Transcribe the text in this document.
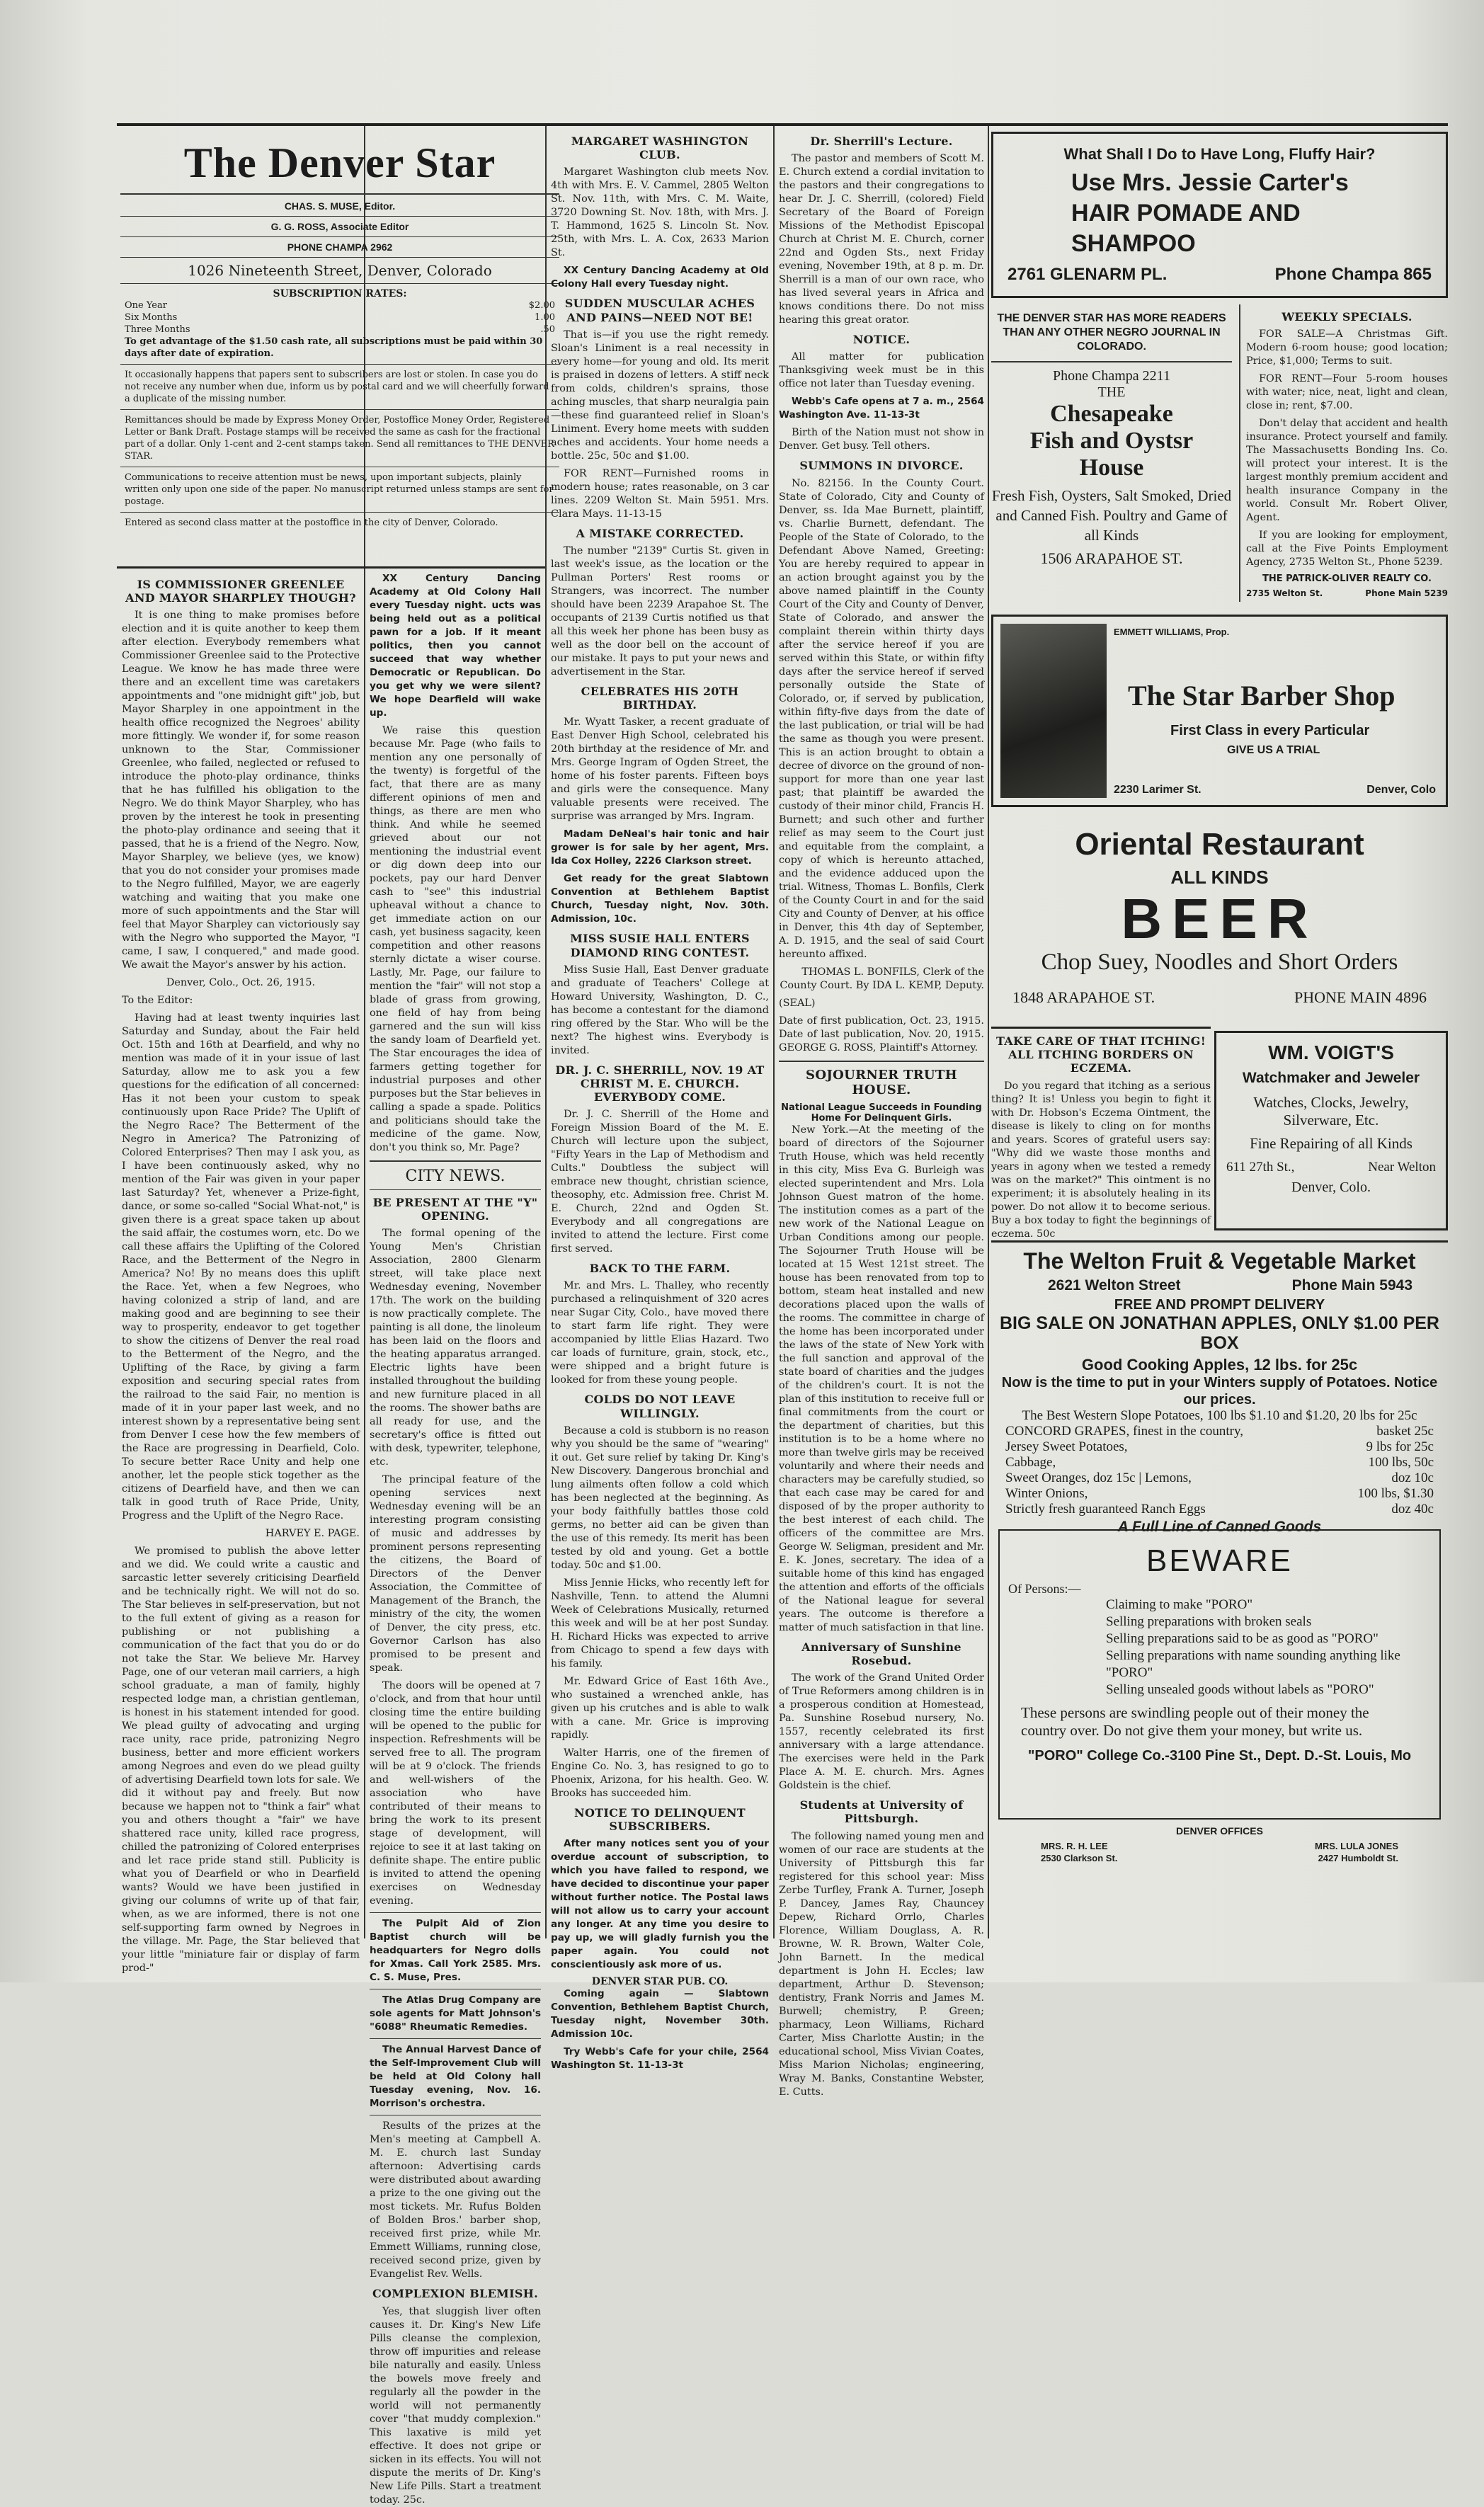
The Denver Star
CHAS. S. MUSE, Editor.
G. G. ROSS, Associate Editor
PHONE CHAMPA 2962
1026 Nineteenth Street, Denver, Colorado
SUBSCRIPTION RATES:
One Year	$2.00
Six Months	1.00
Three Months	.50
To get advantage of the $1.50 cash rate, all subscriptions must be paid within 30 days after date of expiration.
It occasionally happens that papers sent to subscribers are lost or stolen. In case you do not receive any number when due, inform us by postal card and we will cheerfully forward a duplicate of the missing number.
Remittances should be made by Express Money Order, Postoffice Money Order, Registered Letter or Bank Draft. Postage stamps will be received the same as cash for the fractional part of a dollar. Only 1-cent and 2-cent stamps taken. Send all remittances to THE DENVER STAR.
Communications to receive attention must be news, upon important subjects, plainly written only upon one side of the paper. No manuscript returned unless stamps are sent for postage.
Entered as second class matter at the postoffice in the city of Denver, Colorado.
IS COMMISSIONER GREENLEE AND MAYOR SHARPLEY THOUGH?

It is one thing to make promises before election and it is quite another to keep them after election. Everybody remembers what Commissioner Greenlee said to the Protective League. We know he has made three were there and an excellent time was caretakers appointments and "one midnight gift" job, but Mayor Sharpley in one appointment in the health office recognized the Negroes' ability more fittingly. We wonder if, for some reason unknown to the Star, Commissioner Greenlee, who failed, neglected or refused to introduce the photo-play ordinance, thinks that he has fulfilled his obligation to the Negro. We do think Mayor Sharpley, who has proven by the interest he took in presenting the photo-play ordinance and seeing that it passed, that he is a friend of the Negro. Now, Mayor Sharpley, we believe (yes, we know) that you do not consider your promises made to the Negro fulfilled, Mayor, we are eagerly watching and waiting that you make one more of such appointments and the Star will feel that Mayor Sharpley can victoriously say with the Negro who supported the Mayor, "I came, I saw, I conquered," and made good. We await the Mayor's answer by his action.

Denver, Colo., Oct. 26, 1915.

To the Editor:

Having had at least twenty inquiries last Saturday and Sunday, about the Fair held Oct. 15th and 16th at Dearfield, and why no mention was made of it in your issue of last Saturday, allow me to ask you a few questions for the edification of all concerned: Has it not been your custom to speak continuously upon Race Pride? The Uplift of the Negro Race? The Betterment of the Negro in America? The Patronizing of Colored Enterprises? Then may I ask you, as I have been continuously asked, why no mention of the Fair was given in your paper last Saturday? Yet, whenever a Prize-fight, dance, or some so-called "Social What-not," is given there is a great space taken up about the said affair, the costumes worn, etc. Do we call these affairs the Uplifting of the Colored Race, and the Betterment of the Negro in America? No! By no means does this uplift the Race. Yet, when a few Negroes, who having colonized a strip of land, and are making good and are beginning to see their way to prosperity, endeavor to get together to show the citizens of Denver the real road to the Betterment of the Negro, and the Uplifting of the Race, by giving a farm exposition and securing special rates from the railroad to the said Fair, no mention is made of it in your paper last week, and no interest shown by a representative being sent from Denver I cese how the few members of the Race are progressing in Dearfield, Colo. To secure better Race Unity and help one another, let the people stick together as the citizens of Dearfield have, and then we can talk in good truth of Race Pride, Unity, Progress and the Uplift of the Negro Race.

HARVEY E. PAGE.

We promised to publish the above letter and we did. We could write a caustic and sarcastic letter severely criticising Dearfield and be technically right. We will not do so. The Star believes in self-preservation, but not to the full extent of giving as a reason for publishing or not publishing a communication of the fact that you do or do not take the Star. We believe Mr. Harvey Page, one of our veteran mail carriers, a high school graduate, a man of family, highly respected lodge man, a christian gentleman, is honest in his statement intended for good. We plead guilty of advocating and urging race unity, race pride, patronizing Negro business, better and more efficient workers among Negroes and even do we plead guilty of advertising Dearfield town lots for sale. We did it without pay and freely. But now because we happen not to "think a fair" what you and others thought a "fair" we have shattered race unity, killed race progress, chilled the patronizing of Colored enterprises and let race pride stand still. Publicity is what you of Dearfield or who in Dearfield wants? Would we have been justified in giving our columns of write up of that fair, when, as we are informed, there is not one self-supporting farm owned by Negroes in the village. Mr. Page, the Star believed that your little "miniature fair or display of farm prod-"

XX Century Dancing Academy at Old Colony Hall every Tuesday night. ucts was being held out as a political pawn for a job. If it meant politics, then you cannot succeed that way whether Democratic or Republican. Do you get why we were silent? We hope Dearfield will wake up.

We raise this question because Mr. Page (who fails to mention any one personally of the twenty) is forgetful of the fact, that there are as many different opinions of men and things, as there are men who think. And while he seemed grieved about our not mentioning the industrial event or dig down deep into our pockets, pay our hard Denver cash to "see" this industrial upheaval without a chance to get immediate action on our cash, yet business sagacity, keen competition and other reasons sternly dictate a wiser course. Lastly, Mr. Page, our failure to mention the "fair" will not stop a blade of grass from growing, one field of hay from being garnered and the sun will kiss the sandy loam of Dearfield yet. The Star encourages the idea of farmers getting together for industrial purposes and other purposes but the Star believes in calling a spade a spade. Politics and politicians should take the medicine of the game. Now, don't you think so, Mr. Page?

CITY NEWS.
BE PRESENT AT THE "Y" OPENING.

The formal opening of the Young Men's Christian Association, 2800 Glenarm street, will take place next Wednesday evening, November 17th. The work on the building is now practically complete. The painting is all done, the linoleum has been laid on the floors and the heating apparatus arranged. Electric lights have been installed throughout the building and new furniture placed in all the rooms. The shower baths are all ready for use, and the secretary's office is fitted out with desk, typewriter, telephone, etc.

The principal feature of the opening services next Wednesday evening will be an interesting program consisting of music and addresses by prominent persons representing the citizens, the Board of Directors of the Denver Association, the Committee of Management of the Branch, the ministry of the city, the women of Denver, the city press, etc. Governor Carlson has also promised to be present and speak.

The doors will be opened at 7 o'clock, and from that hour until closing time the entire building will be opened to the public for inspection. Refreshments will be served free to all. The program will be at 9 o'clock. The friends and well-wishers of the association who have contributed of their means to bring the work to its present stage of development, will rejoice to see it at last taking on definite shape. The entire public is invited to attend the opening exercises on Wednesday evening.

The Pulpit Aid of Zion Baptist church will be headquarters for Negro dolls for Xmas. Call York 2585. Mrs. C. S. Muse, Pres.

The Atlas Drug Company are sole agents for Matt Johnson's "6088" Rheumatic Remedies.

The Annual Harvest Dance of the Self-Improvement Club will be held at Old Colony hall Tuesday evening, Nov. 16. Morrison's orchestra.

Results of the prizes at the Men's meeting at Campbell A. M. E. church last Sunday afternoon: Advertising cards were distributed about awarding a prize to the one giving out the most tickets. Mr. Rufus Bolden of Bolden Bros.' barber shop, received first prize, while Mr. Emmett Williams, running close, received second prize, given by Evangelist Rev. Wells.

COMPLEXION BLEMISH.

Yes, that sluggish liver often causes it. Dr. King's New Life Pills cleanse the complexion, throw off impurities and release bile naturally and easily. Unless the bowels move freely and regularly all the powder in the world will not permanently cover "that muddy complexion." This laxative is mild yet effective. It does not gripe or sicken in its effects. You will not dispute the merits of Dr. King's New Life Pills. Start a treatment today. 25c.

MARGARET WASHINGTON CLUB.

Margaret Washington club meets Nov. 4th with Mrs. E. V. Cammel, 2805 Welton St. Nov. 11th, with Mrs. C. M. Waite, 3720 Downing St. Nov. 18th, with Mrs. J. T. Hammond, 1625 S. Lincoln St. Nov. 25th, with Mrs. L. A. Cox, 2633 Marion St.

XX Century Dancing Academy at Old Colony Hall every Tuesday night.

SUDDEN MUSCULAR ACHES AND PAINS—NEED NOT BE!

That is—if you use the right remedy. Sloan's Liniment is a real necessity in every home—for young and old. Its merit is praised in dozens of letters. A stiff neck from colds, children's sprains, those aching muscles, that sharp neuralgia pain—these find guaranteed relief in Sloan's Liniment. Every home meets with sudden aches and accidents. Your home needs a bottle. 25c, 50c and $1.00.

FOR RENT—Furnished rooms in modern house; rates reasonable, on 3 car lines. 2209 Welton St. Main 5951. Mrs. Clara Mays. 11-13-15

A MISTAKE CORRECTED.

The number "2139" Curtis St. given in last week's issue, as the location or the Pullman Porters' Rest rooms or Strangers, was incorrect. The number should have been 2239 Arapahoe St. The occupants of 2139 Curtis notified us that all this week her phone has been busy as well as the door bell on the account of our mistake. It pays to put your news and advertisement in the Star.

CELEBRATES HIS 20TH BIRTHDAY.

Mr. Wyatt Tasker, a recent graduate of East Denver High School, celebrated his 20th birthday at the residence of Mr. and Mrs. George Ingram of Ogden Street, the home of his foster parents. Fifteen boys and girls were the consequence. Many valuable presents were received. The surprise was arranged by Mrs. Ingram.

Madam DeNeal's hair tonic and hair grower is for sale by her agent, Mrs. Ida Cox Holley, 2226 Clarkson street.

Get ready for the great Slabtown Convention at Bethlehem Baptist Church, Tuesday night, Nov. 30th. Admission, 10c.

MISS SUSIE HALL ENTERS DIAMOND RING CONTEST.

Miss Susie Hall, East Denver graduate and graduate of Teachers' College at Howard University, Washington, D. C., has become a contestant for the diamond ring offered by the Star. Who will be the next? The highest wins. Everybody is invited.

DR. J. C. SHERRILL, NOV. 19 AT CHRIST M. E. CHURCH. EVERYBODY COME.

Dr. J. C. Sherrill of the Home and Foreign Mission Board of the M. E. Church will lecture upon the subject, "Fifty Years in the Lap of Methodism and Cults." Doubtless the subject will embrace new thought, christian science, theosophy, etc. Admission free. Christ M. E. Church, 22nd and Ogden St. Everybody and all congregations are invited to attend the lecture. First come first served.

BACK TO THE FARM.

Mr. and Mrs. L. Thalley, who recently purchased a relinquishment of 320 acres near Sugar City, Colo., have moved there to start farm life right. They were accompanied by little Elias Hazard. Two car loads of furniture, grain, stock, etc., were shipped and a bright future is looked for from these young people.

COLDS DO NOT LEAVE WILLINGLY.

Because a cold is stubborn is no reason why you should be the same of "wearing" it out. Get sure relief by taking Dr. King's New Discovery. Dangerous bronchial and lung ailments often follow a cold which has been neglected at the beginning. As your body faithfully battles those cold germs, no better aid can be given than the use of this remedy. Its merit has been tested by old and young. Get a bottle today. 50c and $1.00.

Miss Jennie Hicks, who recently left for Nashville, Tenn. to attend the Alumni Week of Celebrations Musically, returned this week and will be at her post Sunday. H. Richard Hicks was expected to arrive from Chicago to spend a few days with his family.

Mr. Edward Grice of East 16th Ave., who sustained a wrenched ankle, has given up his crutches and is able to walk with a cane. Mr. Grice is improving rapidly.

Walter Harris, one of the firemen of Engine Co. No. 3, has resigned to go to Phoenix, Arizona, for his health. Geo. W. Brooks has succeeded him.

NOTICE TO DELINQUENT SUBSCRIBERS.

After many notices sent you of your overdue account of subscription, to which you have failed to respond, we have decided to discontinue your paper without further notice. The Postal laws will not allow us to carry your account any longer. At any time you desire to pay up, we will gladly furnish you the paper again. You could not conscientiously ask more of us.

DENVER STAR PUB. CO.

Coming again — Slabtown Convention, Bethlehem Baptist Church, Tuesday night, November 30th. Admission 10c.

Try Webb's Cafe for your chile, 2564 Washington St. 11-13-3t

Dr. Sherrill's Lecture.

The pastor and members of Scott M. E. Church extend a cordial invitation to the pastors and their congregations to hear Dr. J. C. Sherrill, (colored) Field Secretary of the Board of Foreign Missions of the Methodist Episcopal Church at Christ M. E. Church, corner 22nd and Ogden Sts., next Friday evening, November 19th, at 8 p. m. Dr. Sherrill is a man of our own race, who has lived several years in Africa and knows conditions there. Do not miss hearing this great orator.

NOTICE.

All matter for publication Thanksgiving week must be in this office not later than Tuesday evening.

Webb's Cafe opens at 7 a. m., 2564 Washington Ave. 11-13-3t

Birth of the Nation must not show in Denver. Get busy. Tell others.

SUMMONS IN DIVORCE.

No. 82156. In the County Court. State of Colorado, City and County of Denver, ss. Ida Mae Burnett, plaintiff, vs. Charlie Burnett, defendant. The People of the State of Colorado, to the Defendant Above Named, Greeting: You are hereby required to appear in an action brought against you by the above named plaintiff in the County Court of the City and County of Denver, State of Colorado, and answer the complaint therein within thirty days after the service hereof if you are served within this State, or within fifty days after the service hereof if served personally outside the State of Colorado, or, if served by publication, within fifty-five days from the date of the last publication, or trial will be had the same as though you were present. This is an action brought to obtain a decree of divorce on the ground of non-support for more than one year last past; that plaintiff be awarded the custody of their minor child, Francis H. Burnett; and such other and further relief as may seem to the Court just and equitable from the complaint, a copy of which is hereunto attached, and the evidence adduced upon the trial. Witness, Thomas L. Bonfils, Clerk of the County Court in and for the said City and County of Denver, at his office in Denver, this 4th day of September, A. D. 1915, and the seal of said Court hereunto affixed.

THOMAS L. BONFILS, Clerk of the County Court. By IDA L. KEMP, Deputy.

(SEAL)

Date of first publication, Oct. 23, 1915. Date of last publication, Nov. 20, 1915. GEORGE G. ROSS, Plaintiff's Attorney.

SOJOURNER TRUTH HOUSE.
National League Succeeds in Founding Home For Delinquent Girls.

New York.—At the meeting of the board of directors of the Sojourner Truth House, which was held recently in this city, Miss Eva G. Burleigh was elected superintendent and Mrs. Lola Johnson Guest matron of the home. The institution comes as a part of the new work of the National League on Urban Conditions among our people. The Sojourner Truth House will be located at 15 West 121st street. The house has been renovated from top to bottom, steam heat installed and new decorations placed upon the walls of the rooms. The committee in charge of the home has been incorporated under the laws of the state of New York with the full sanction and approval of the state board of charities and the judges of the children's court. It is not the plan of this institution to receive full or final commitments from the court or the department of charities, but this institution is to be a home where no more than twelve girls may be received voluntarily and where their needs and characters may be carefully studied, so that each case may be cared for and disposed of by the proper authority to the best interest of each child. The officers of the committee are Mrs. George W. Seligman, president and Mr. E. K. Jones, secretary. The idea of a suitable home of this kind has engaged the attention and efforts of the officials of the National league for several years. The outcome is therefore a matter of much satisfaction in that line.

Anniversary of Sunshine Rosebud.

The work of the Grand United Order of True Reformers among children is in a prosperous condition at Homestead, Pa. Sunshine Rosebud nursery, No. 1557, recently celebrated its first anniversary with a large attendance. The exercises were held in the Park Place A. M. E. church. Mrs. Agnes Goldstein is the chief.

Students at University of Pittsburgh.

The following named young men and women of our race are students at the University of Pittsburgh this far registered for this school year: Miss Zerbe Turfley, Frank A. Turner, Joseph P. Dancey, James Ray, Chauncey Depew, Richard Orrlo, Charles Florence, William Douglass, A. R. Browne, W. R. Brown, Walter Cole, John Barnett. In the medical department is John H. Eccles; law department, Arthur D. Stevenson; dentistry, Frank Norris and James M. Burwell; chemistry, P. Green; pharmacy, Leon Williams, Richard Carter, Miss Charlotte Austin; in the educational school, Miss Vivian Coates, Miss Marion Nicholas; engineering, Wray M. Banks, Constantine Webster, E. Cutts.

What Shall I Do to Have Long, Fluffy Hair?
Use Mrs. Jessie Carter's
HAIR POMADE AND
SHAMPOO
2761 GLENARM PL.	Phone Champa 865
THE DENVER STAR HAS MORE READERS THAN ANY OTHER NEGRO JOURNAL IN COLORADO.
Phone Champa 2211
THE
Chesapeake
Fish and Oystsr
House
Fresh Fish, Oysters, Salt Smoked, Dried and Canned Fish. Poultry and Game of all Kinds
1506 ARAPAHOE ST.
WEEKLY SPECIALS.

FOR SALE—A Christmas Gift. Modern 6-room house; good location; Price, $1,000; Terms to suit.

FOR RENT—Four 5-room houses with water; nice, neat, light and clean, close in; rent, $7.00.

Don't delay that accident and health insurance. Protect yourself and family. The Massachusetts Bonding Ins. Co. will protect your interest. It is the largest monthly premium accident and health insurance Company in the world. Consult Mr. Robert Oliver, Agent.

If you are looking for employment, call at the Five Points Employment Agency, 2735 Welton St., Phone 5239.

THE PATRICK-OLIVER REALTY CO.
2735 Welton St.	Phone Main 5239
EMMETT WILLIAMS, Prop.
The Star Barber Shop
First Class in every Particular
GIVE US A TRIAL
2230 Larimer St.	Denver, Colo
Oriental Restaurant
ALL KINDS
BEER
Chop Suey, Noodles and Short Orders
1848 ARAPAHOE ST.	PHONE MAIN 4896
TAKE CARE OF THAT ITCHING! ALL ITCHING BORDERS ON ECZEMA.

Do you regard that itching as a serious thing? It is! Unless you begin to fight it with Dr. Hobson's Eczema Ointment, the disease is likely to cling on for months and years. Scores of grateful users say: "Why did we waste those months and years in agony when we tested a remedy was on the market?" This ointment is no experiment; it is absolutely healing in its power. Do not allow it to become serious. Buy a box today to fight the beginnings of eczema. 50c

WM. VOIGT'S
Watchmaker and Jeweler
Watches, Clocks, Jewelry,
Silverware, Etc.
Fine Repairing of all Kinds
611 27th St.,	Near Welton
Denver, Colo.
The Welton Fruit & Vegetable Market
2621 Welton Street	Phone Main 5943
FREE AND PROMPT DELIVERY
BIG SALE ON JONATHAN APPLES, ONLY $1.00 PER BOX
Good Cooking Apples, 12 lbs. for 25c
Now is the time to put in your Winters supply of Potatoes. Notice our prices.
The Best Western Slope Potatoes, 100 lbs $1.10 and $1.20, 20 lbs for 25c
CONCORD GRAPES, finest in the country,	basket 25c
Jersey Sweet Potatoes,	9 lbs for 25c
Cabbage,	100 lbs, 50c
Sweet Oranges, doz 15c | Lemons,	doz 10c
Winter Onions,	100 lbs, $1.30
Strictly fresh guaranteed Ranch Eggs	doz 40c
A Full Line of Canned Goods
BEWARE
Of Persons:—
Claiming to make "PORO"
Selling preparations with broken seals
Selling preparations said to be as good as "PORO"
Selling preparations with name sounding anything like "PORO"
Selling unsealed goods without labels as "PORO"
These persons are swindling people out of their money the country over. Do not give them your money, but write us.
"PORO" College Co.-3100 Pine St., Dept. D.-St. Louis, Mo
DENVER OFFICES
MRS. R. H. LEE	MRS. LULA JONES
2530 Clarkson St.	2427 Humboldt St.
